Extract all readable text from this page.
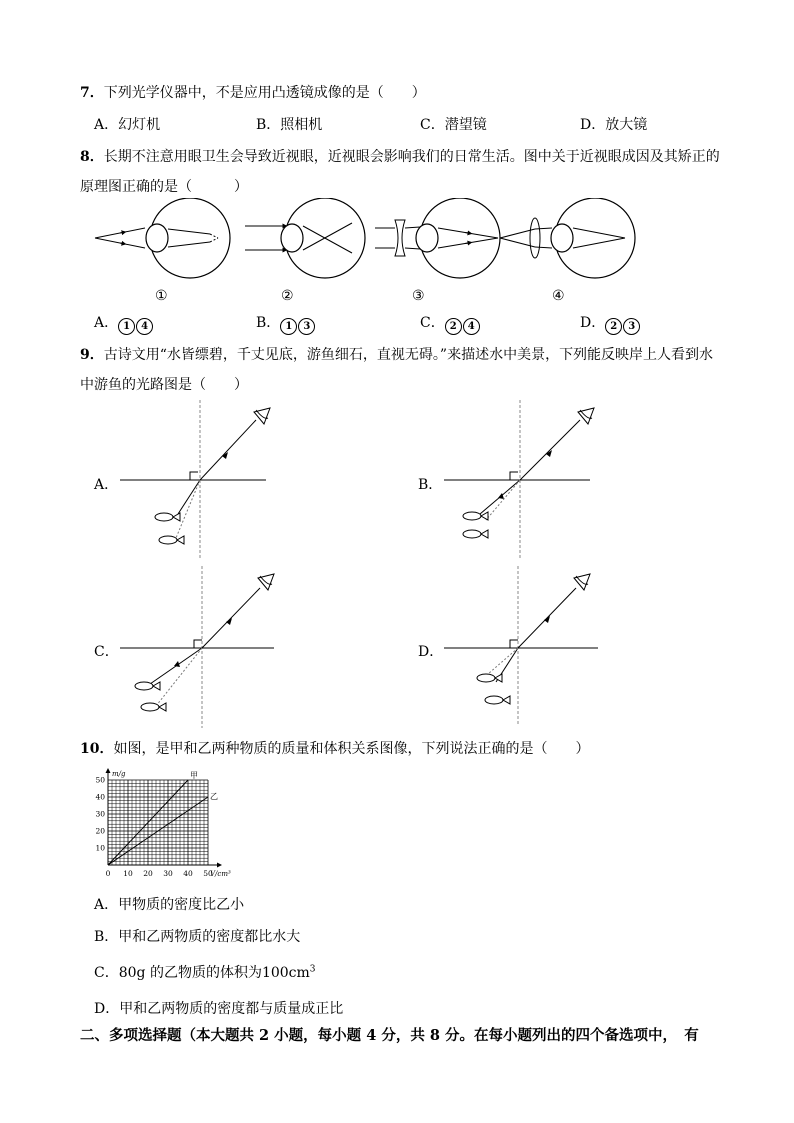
7．下列光学仪器中，不是应用凸透镜成像的是（　　）
A．幻灯机	B．照相机	C．潜望镜	D．放大镜
8．长期不注意用眼卫生会导致近视眼，近视眼会影响我们的日常生活。图中关于近视眼成因及其矫正的
原理图正确的是（　　　）
①	②	③	④
A． 1 4	B． 1 3	C． 2 4	D． 2 3
9．古诗文用“水皆缥碧，千丈见底，游鱼细石，直视无碍。”来描述水中美景，下列能反映岸上人看到水
中游鱼的光路图是（　　）
A．	B．
C．	D．
10．如图，是甲和乙两种物质的质量和体积关系图像，下列说法正确的是（　　）
0 10 20 30 40 50
10
20
30
40
50
V/cm³
m/g	甲
乙
A．甲物质的密度比乙小
B．甲和乙两物质的密度都比水大
C．80g 的乙物质的体积为$100cm^3$
D．甲和乙两物质的密度都与质量成正比
二、多项选择题（本大题共 2 小题，每小题 4 分，共 8 分。在每小题列出的四个备选项中，　有
